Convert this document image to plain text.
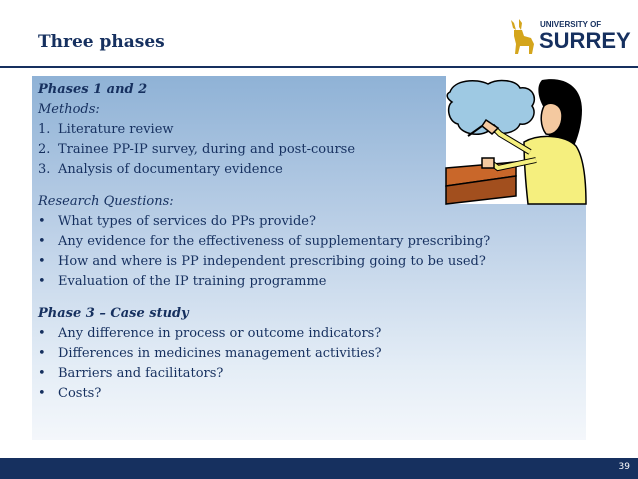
Three phases
UNIVERSITY OF
SURREY
Phases 1 and 2
Methods:
1. Literature review
2. Trainee PP-IP survey, during and post-course
3. Analysis of documentary evidence
Research Questions:
• What types of services do PPs provide?
• Any evidence for the effectiveness of supplementary prescribing?
• How and where is PP independent prescribing going to be used?
• Evaluation of the IP training programme
Phase 3 – Case study
• Any difference in process or outcome indicators?
• Differences in medicines management activities?
• Barriers and facilitators?
• Costs?
39
